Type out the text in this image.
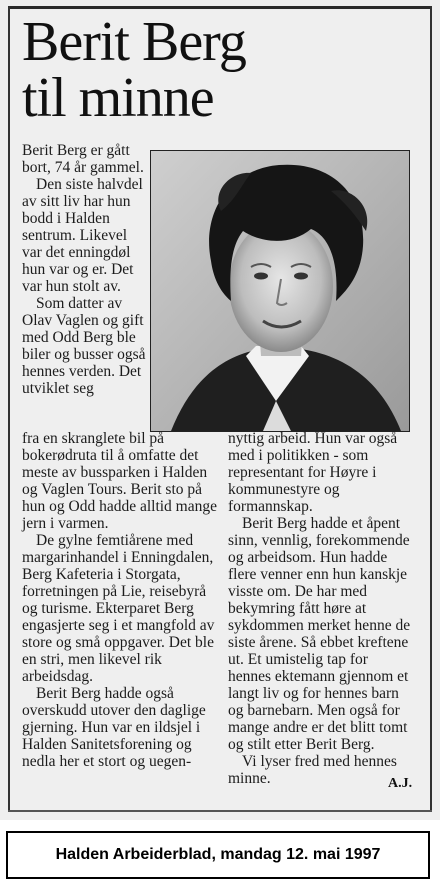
Berit Berg
til minne

Berit Berg er gått bort, 74 år gammel.

Den siste halvdel av sitt liv har hun bodd i Halden sentrum. Likevel var det enningdøl hun var og er. Det var hun stolt av.

Som datter av Olav Vaglen og gift med Odd Berg ble biler og busser også hennes verden. Det utviklet seg

fra en skranglete bil på bokerødruta til å omfatte det meste av bussparken i Halden og Vaglen Tours. Berit sto på hun og Odd hadde alltid mange jern i varmen.

De gylne femtiårene med margarinhandel i Enningdalen, Berg Kafeteria i Storgata, forretningen på Lie, reisebyrå og turisme. Ekterparet Berg engasjerte seg i et mangfold av store og små oppgaver. Det ble en stri, men likevel rik arbeidsdag.

Berit Berg hadde også overskudd utover den daglige gjerning. Hun var en ildsjel i Halden Sanitetsforening og nedla her et stort og uegen-

nyttig arbeid. Hun var også med i politikken - som representant for Høyre i kommunestyre og formannskap.

Berit Berg hadde et åpent sinn, vennlig, forekommende og arbeidsom. Hun hadde flere venner enn hun kanskje visste om. De har med bekymring fått høre at sykdommen merket henne de siste årene. Så ebbet kreftene ut. Et umistelig tap for hennes ektemann gjennom et langt liv og for hennes barn og barnebarn. Men også for mange andre er det blitt tomt og stilt etter Berit Berg.

Vi lyser fred med hennes minne.	A.J.
Halden Arbeiderblad, mandag 12. mai 1997
